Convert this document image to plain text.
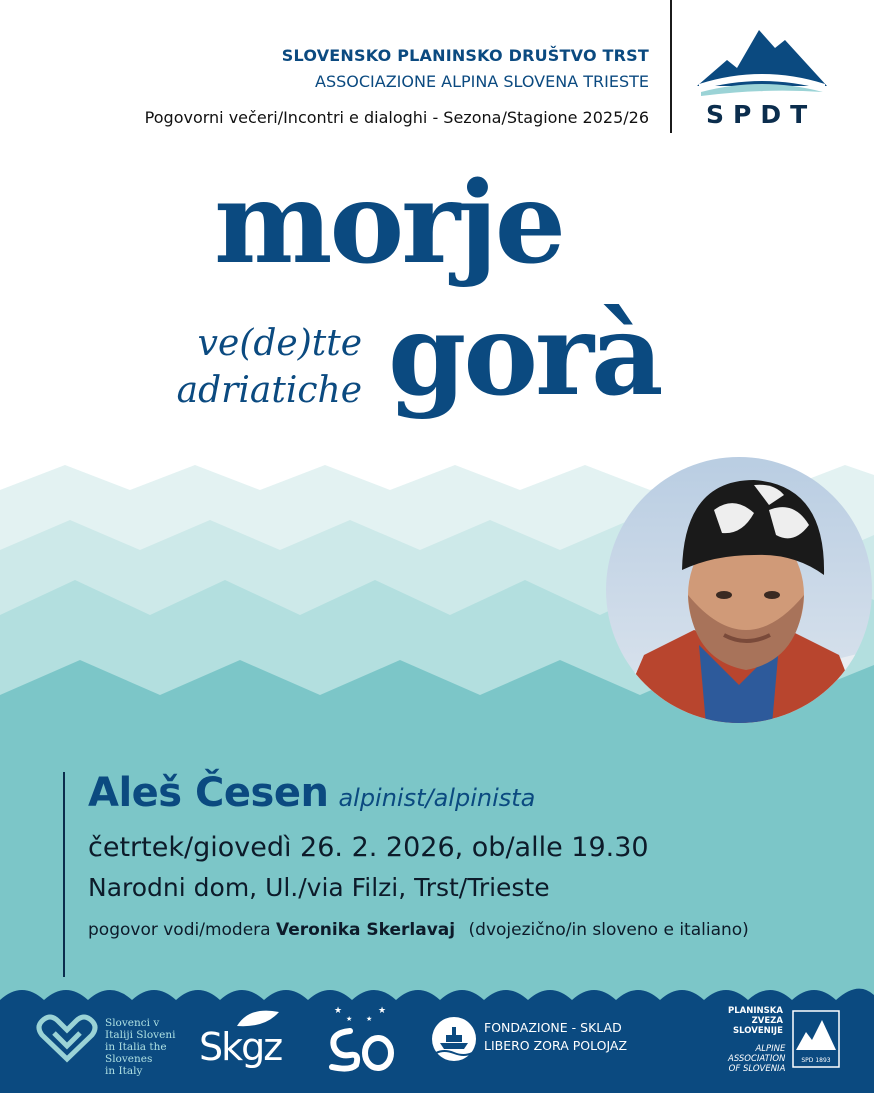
SLOVENSKO PLANINSKO DRUŠTVO TRST
ASSOCIAZIONE ALPINA SLOVENA TRIESTE
Pogovorni večeri/Incontri e dialoghi - Sezona/Stagione 2025/26 SPDT
morje
gorà
ve(de)tte
adriatiche
Aleš Česen alpinist/alpinista
četrtek/giovedì 26. 2. 2026, ob/alle 19.30
Narodni dom, Ul./via Filzi, Trst/Trieste
pogovor vodi/modera Veronika Skerlavaj (dvojezično/in sloveno e italiano)
Slovenci v
Italiji Sloveni
in Italia the
Slovenes
in Italy
Skgz
★
★ ★
★
FONDAZIONE - SKLAD
LIBERO ZORA POLOJAZ
PLANINSKA
ZVEZA
SLOVENIJE
ALPINE
ASSOCIATION
OF SLOVENIA
SPD 1893
